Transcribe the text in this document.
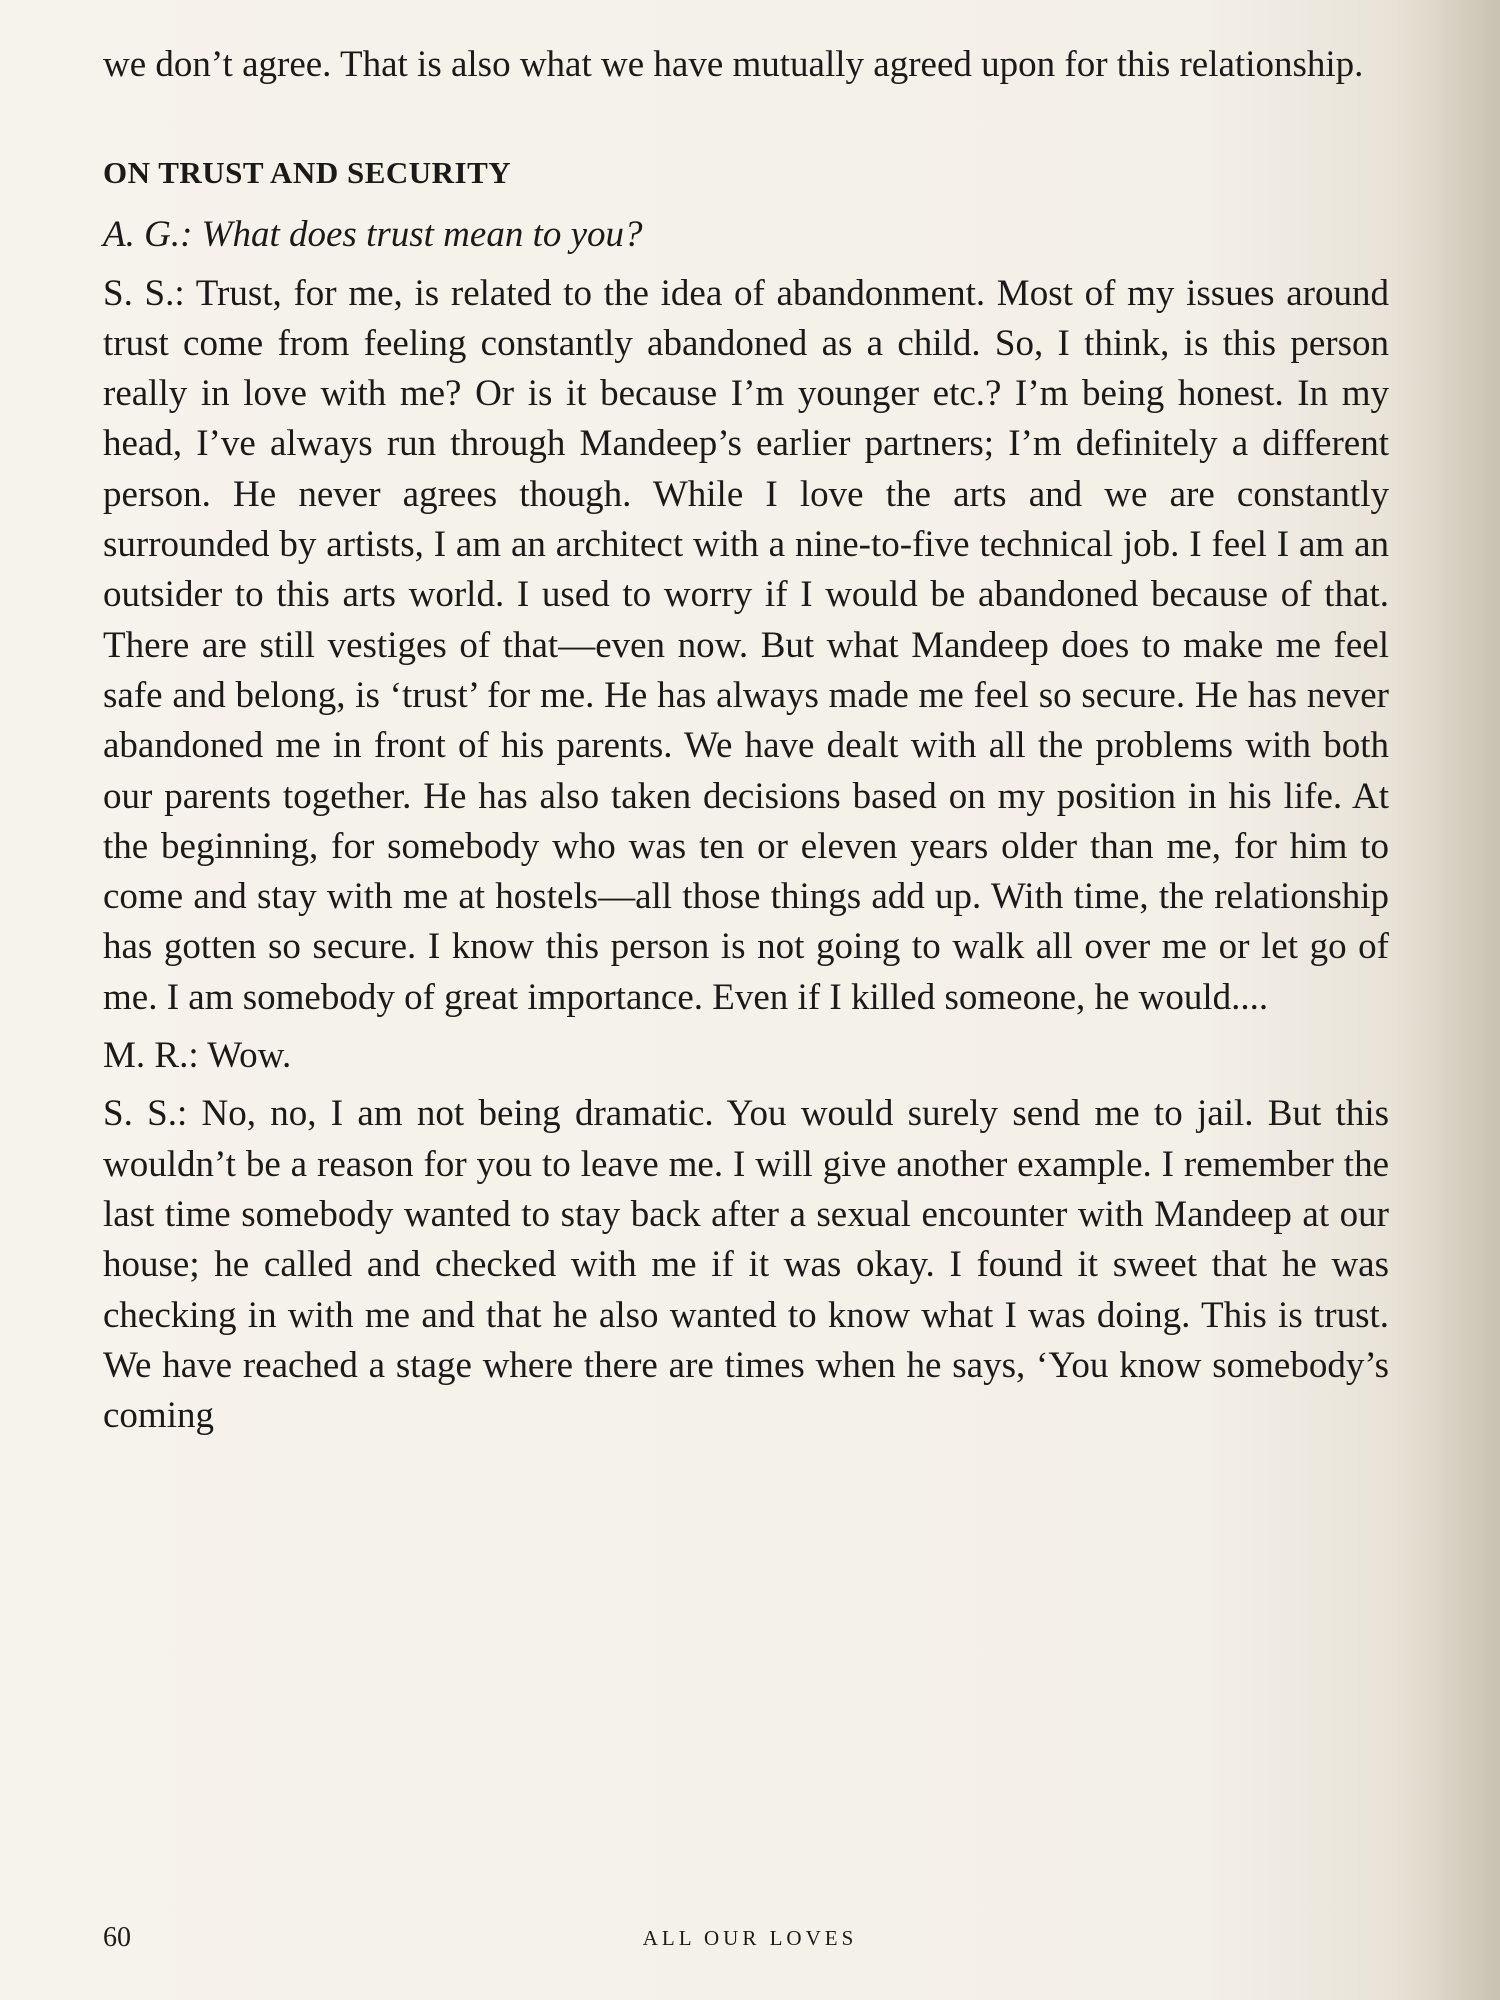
we don’t agree. That is also what we have mutually agreed upon for this relationship.

ON TRUST AND SECURITY

A. G.: What does trust mean to you?

S. S.: Trust, for me, is related to the idea of abandonment. Most of my issues around trust come from feeling constantly abandoned as a child. So, I think, is this person really in love with me? Or is it because I’m younger etc.? I’m being honest. In my head, I’ve always run through Mandeep’s earlier partners; I’m definitely a different person. He never agrees though. While I love the arts and we are constantly surrounded by artists, I am an architect with a nine-to-five technical job. I feel I am an outsider to this arts world. I used to worry if I would be abandoned because of that. There are still vestiges of that—even now. But what Mandeep does to make me feel safe and belong, is ‘trust’ for me. He has always made me feel so secure. He has never abandoned me in front of his parents. We have dealt with all the problems with both our parents together. He has also taken decisions based on my position in his life. At the beginning, for somebody who was ten or eleven years older than me, for him to come and stay with me at hostels—all those things add up. With time, the relationship has gotten so secure. I know this person is not going to walk all over me or let go of me. I am somebody of great importance. Even if I killed someone, he would....

M. R.: Wow.

S. S.: No, no, I am not being dramatic. You would surely send me to jail. But this wouldn’t be a reason for you to leave me. I will give another example. I remember the last time somebody wanted to stay back after a sexual encounter with Mandeep at our house; he called and checked with me if it was okay. I found it sweet that he was checking in with me and that he also wanted to know what I was doing. This is trust. We have reached a stage where there are times when he says, ‘You know somebody’s coming

60	ALL OUR LOVES
